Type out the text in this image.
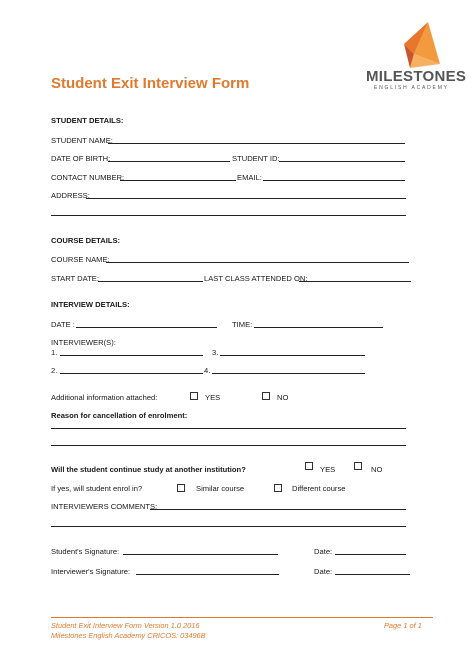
MILESTONES
ENGLISH ACADEMY
Student Exit Interview Form
STUDENT DETAILS:
STUDENT NAME:
DATE OF BIRTH:	STUDENT ID:
CONTACT NUMBER:	EMAIL:
ADDRESS:
COURSE DETAILS:
COURSE NAME:
START DATE:	LAST CLASS ATTENDED ON:
INTERVIEW DETAILS:
DATE :	TIME:
INTERVIEWER(S):
1.	3.
2.	4.
Additional information attached:	YES	NO
Reason for cancellation of enrolment:
Will the student continue study at another institution?	YES	NO
If yes, will student enrol in?	Similar course	Different course
INTERVIEWERS COMMENTS:
Student's Signature:	Date:
Interviewer's Signature:	Date:
Student Exit Interview Form Version 1.0 2016
Milestones English Academy CRICOS: 03496B
Page 1 of 1
